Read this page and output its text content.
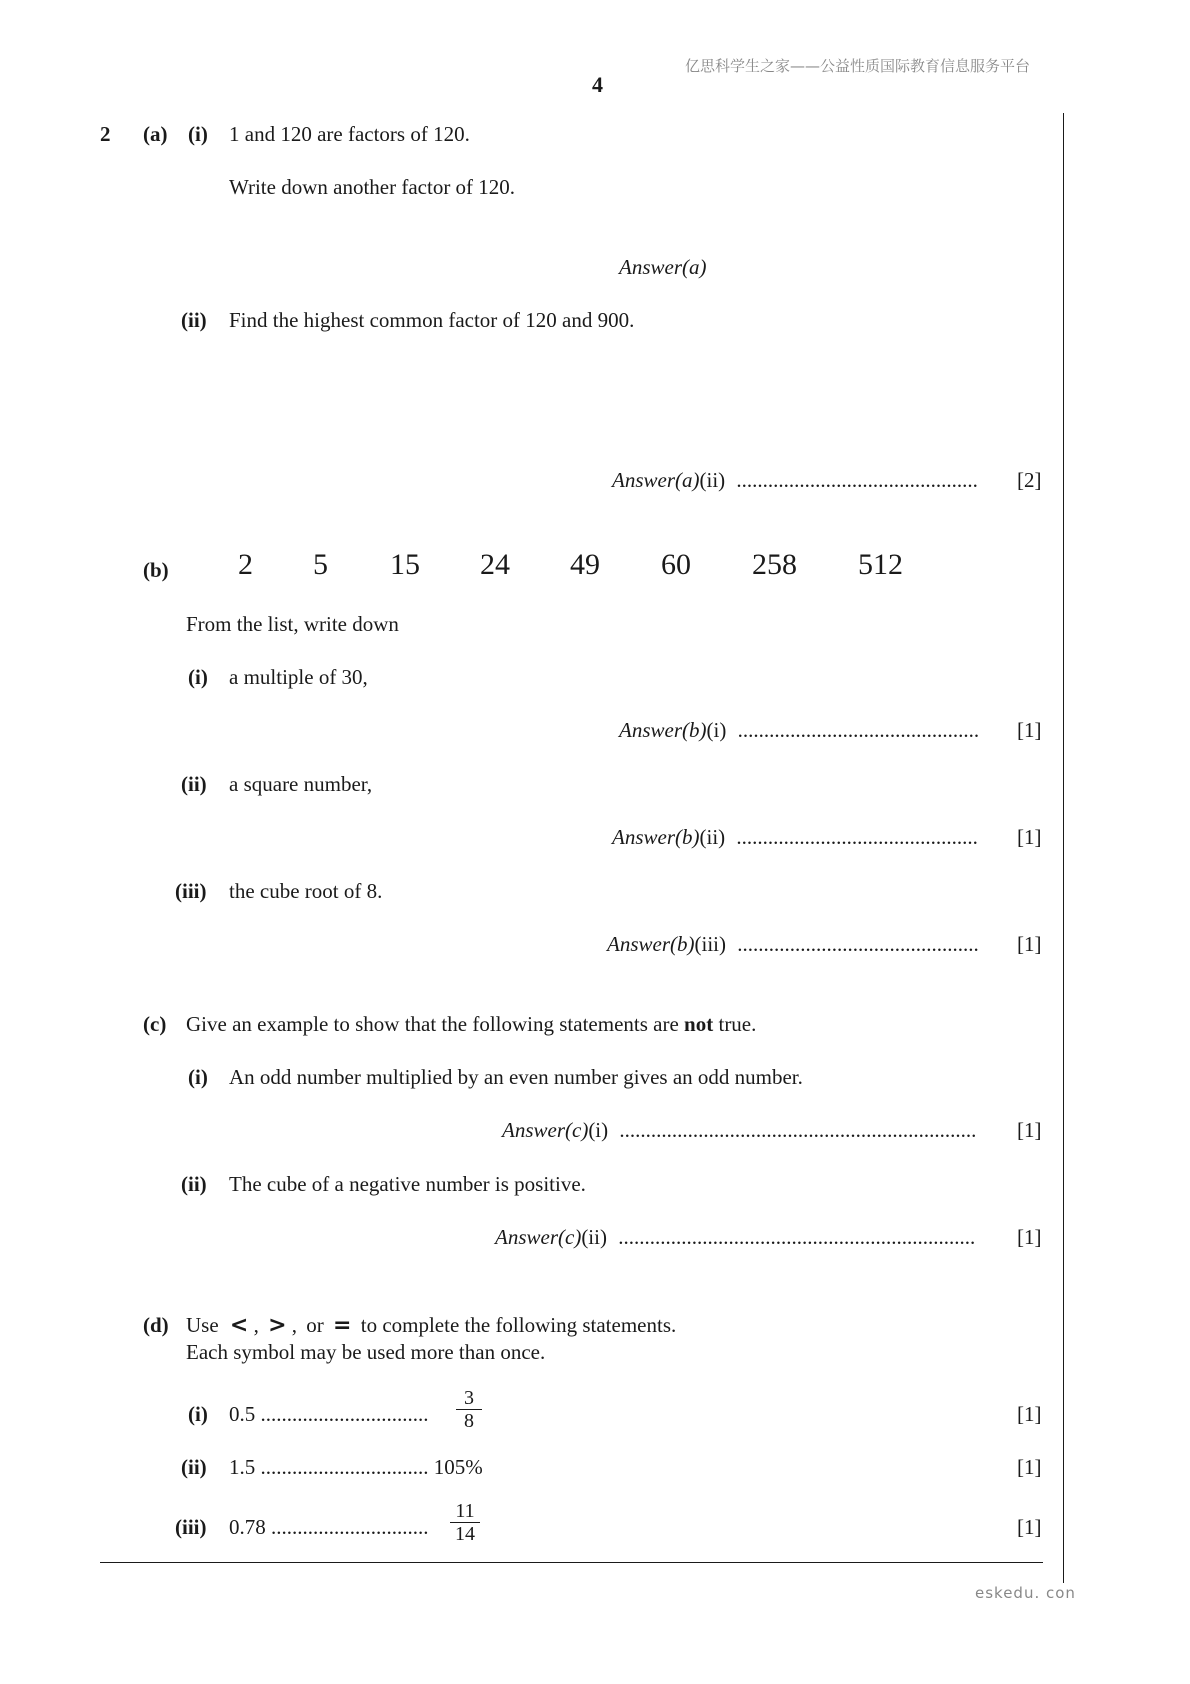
亿思科学生之家——公益性质国际教育信息服务平台
4
2 (a) (i) 1 and 120 are factors of 120.
Write down another factor of 120.
Answer(a)
(ii) Find the highest common factor of 120 and 900.
Answer(a)(ii) .............................................. [2]
(b) 2 5 15 24 49 60 258 512
From the list, write down
(i) a multiple of 30,
Answer(b)(i) .............................................. [1]
(ii) a square number,
Answer(b)(ii) .............................................. [1]
(iii) the cube root of 8.
Answer(b)(iii) .............................................. [1]
(c) Give an example to show that the following statements are not true.
(i) An odd number multiplied by an even number gives an odd number.
Answer(c)(i) .................................................................... [1]
(ii) The cube of a negative number is positive.
Answer(c)(ii) .................................................................... [1]
(d) Use < , > , or = to complete the following statements.
Each symbol may be used more than once.
(i) 0.5 ................................ $\frac{3}{8}$	[1]
(ii) 1.5 ................................ 105%	[1]
(iii) 0.78 .............................. $\frac{11}{14}$	[1]
eskedu. con
